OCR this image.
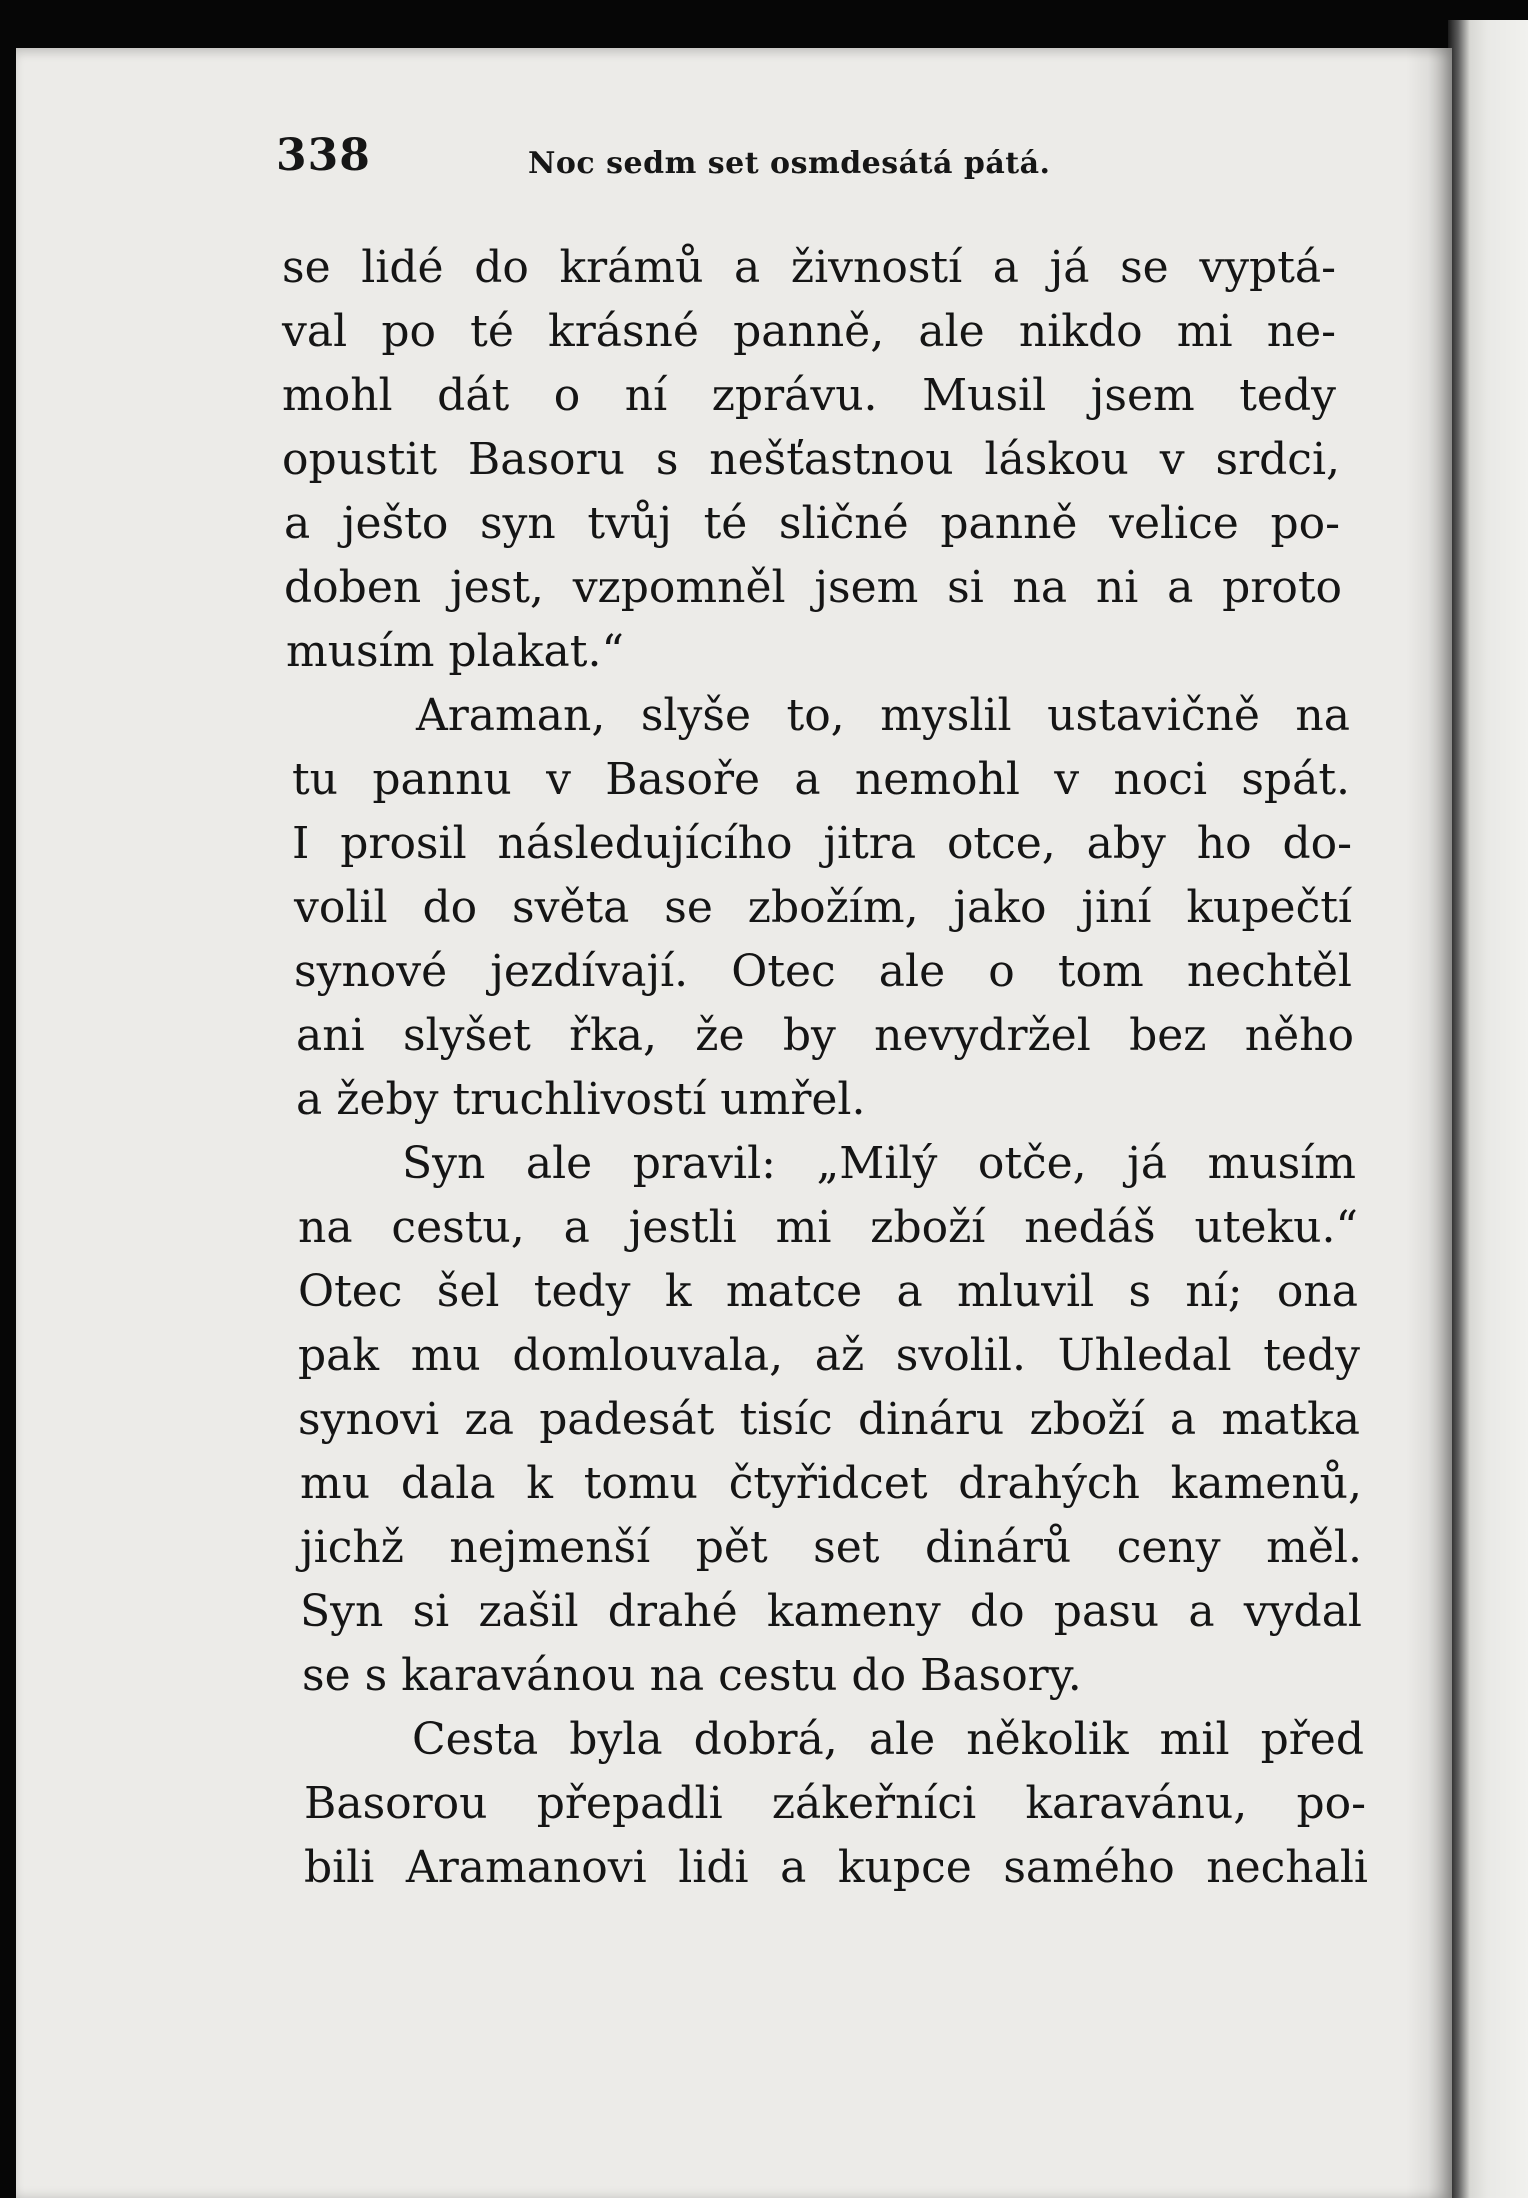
338	Noc sedm set osmdesátá pátá.
se lidé do krámů a živností a já se vyptá-
val po té krásné panně, ale nikdo mi ne-
mohl dát o ní zprávu. Musil jsem tedy
opustit Basoru s nešťastnou láskou v srdci,
a ješto syn tvůj té sličné panně velice po-
doben jest, vzpomněl jsem si na ni a proto
musím plakat.“
Araman, slyše to, myslil ustavičně na
tu pannu v Basoře a nemohl v noci spát.
I prosil následujícího jitra otce, aby ho do-
volil do světa se zbožím, jako jiní kupečtí
synové jezdívají. Otec ale o tom nechtěl
ani slyšet řka, že by nevydržel bez něho
a žeby truchlivostí umřel.
Syn ale pravil: „Milý otče, já musím
na cestu, a jestli mi zboží nedáš uteku.“
Otec šel tedy k matce a mluvil s ní; ona
pak mu domlouvala, až svolil. Uhledal tedy
synovi za padesát tisíc dináru zboží a matka
mu dala k tomu čtyřidcet drahých kamenů,
jichž nejmenší pět set dinárů ceny měl.
Syn si zašil drahé kameny do pasu a vydal
se s karavánou na cestu do Basory.
Cesta byla dobrá, ale několik mil před
Basorou přepadli zákeřníci karavánu, po-
bili Aramanovi lidi a kupce samého nechali
